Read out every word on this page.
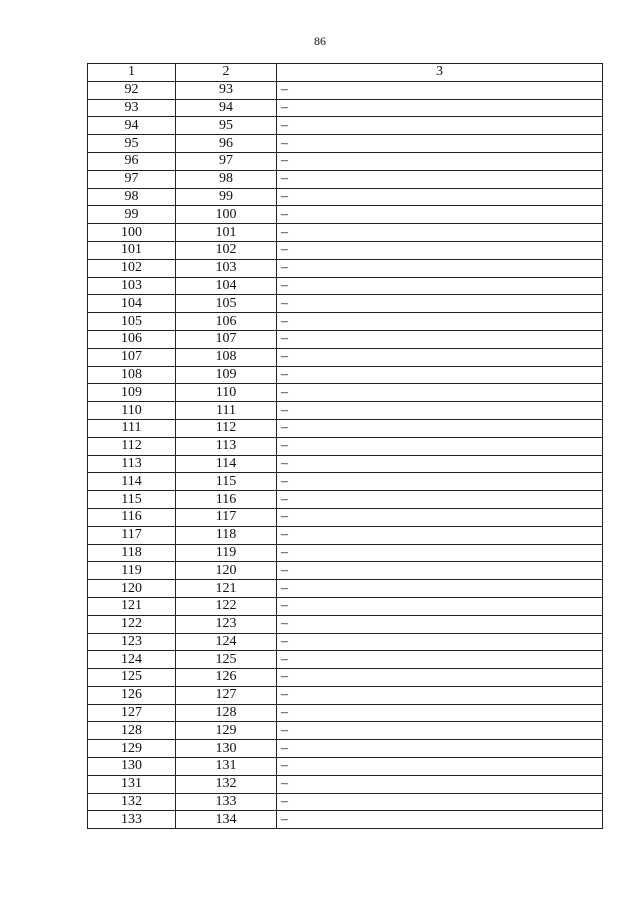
86
1	2	3
92	93	–
93	94	–
94	95	–
95	96	–
96	97	–
97	98	–
98	99	–
99	100	–
100	101	–
101	102	–
102	103	–
103	104	–
104	105	–
105	106	–
106	107	–
107	108	–
108	109	–
109	110	–
110	111	–
111	112	–
112	113	–
113	114	–
114	115	–
115	116	–
116	117	–
117	118	–
118	119	–
119	120	–
120	121	–
121	122	–
122	123	–
123	124	–
124	125	–
125	126	–
126	127	–
127	128	–
128	129	–
129	130	–
130	131	–
131	132	–
132	133	–
133	134	–
